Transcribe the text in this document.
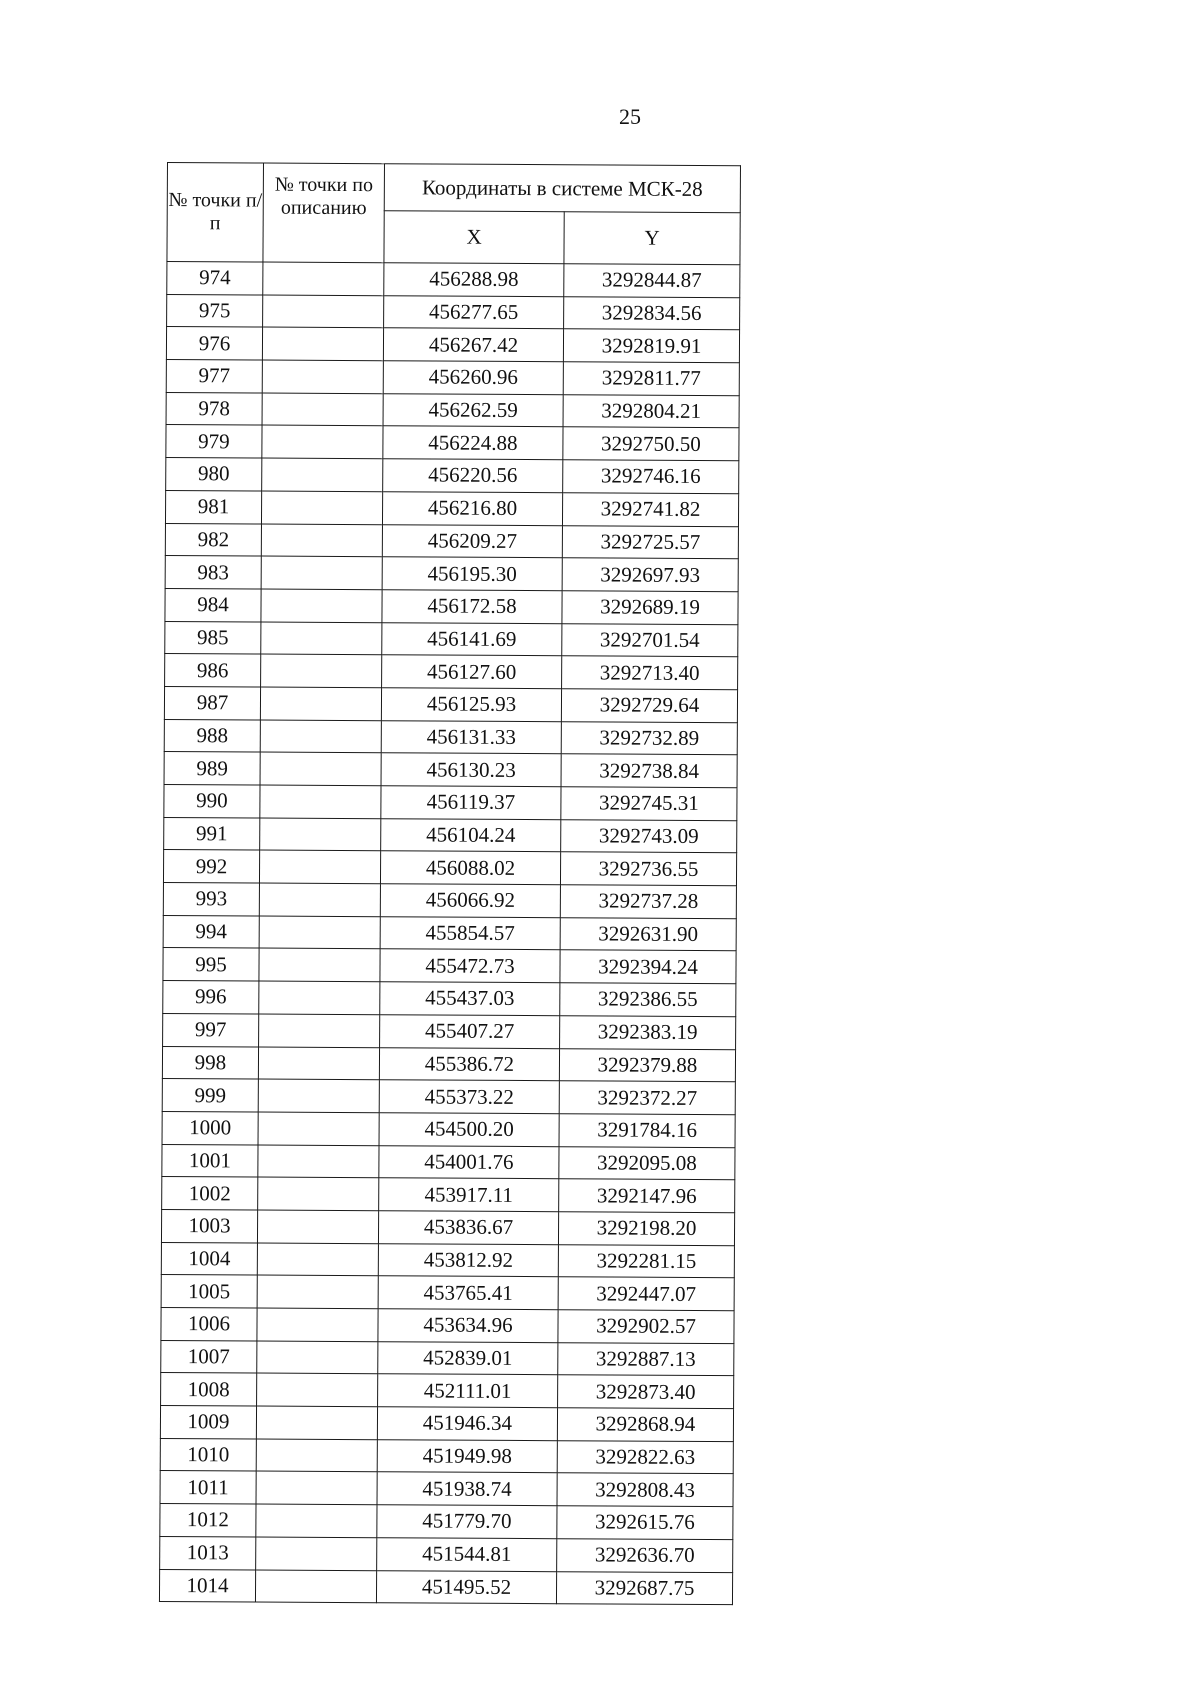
25
№ точки п/п	№ точки по описанию	Координаты в системе МСК-28	
		X	Y
974		456288.98	3292844.87
975		456277.65	3292834.56
976		456267.42	3292819.91
977		456260.96	3292811.77
978		456262.59	3292804.21
979		456224.88	3292750.50
980		456220.56	3292746.16
981		456216.80	3292741.82
982		456209.27	3292725.57
983		456195.30	3292697.93
984		456172.58	3292689.19
985		456141.69	3292701.54
986		456127.60	3292713.40
987		456125.93	3292729.64
988		456131.33	3292732.89
989		456130.23	3292738.84
990		456119.37	3292745.31
991		456104.24	3292743.09
992		456088.02	3292736.55
993		456066.92	3292737.28
994		455854.57	3292631.90
995		455472.73	3292394.24
996		455437.03	3292386.55
997		455407.27	3292383.19
998		455386.72	3292379.88
999		455373.22	3292372.27
1000		454500.20	3291784.16
1001		454001.76	3292095.08
1002		453917.11	3292147.96
1003		453836.67	3292198.20
1004		453812.92	3292281.15
1005		453765.41	3292447.07
1006		453634.96	3292902.57
1007		452839.01	3292887.13
1008		452111.01	3292873.40
1009		451946.34	3292868.94
1010		451949.98	3292822.63
1011		451938.74	3292808.43
1012		451779.70	3292615.76
1013		451544.81	3292636.70
1014		451495.52	3292687.75
